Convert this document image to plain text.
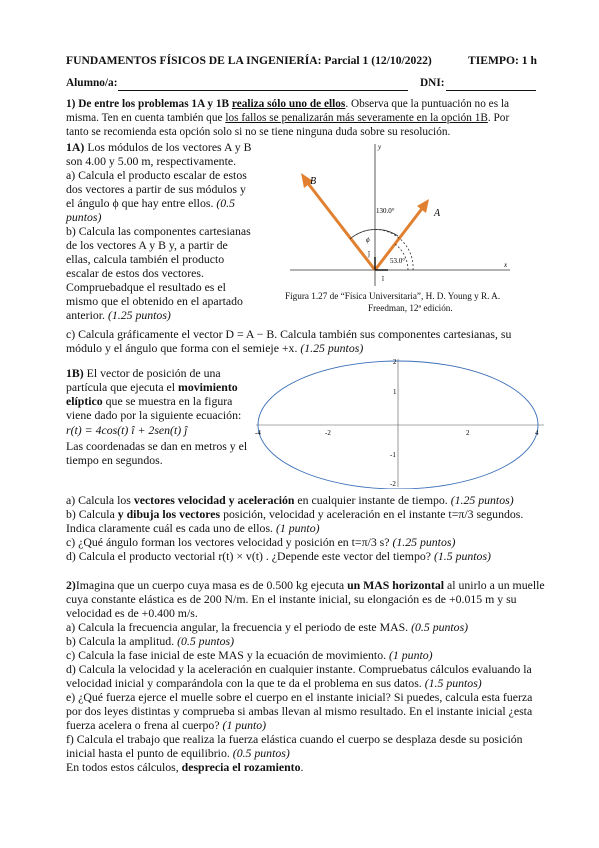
FUNDAMENTOS FÍSICOS DE LA INGENIERÍA: Parcial 1 (12/10/2022)	TIEMPO: 1 h
Alumno/a:	DNI:
1) De entre los problemas 1A y 1B realiza sólo uno de ellos. Observa que la puntuación no es la
misma. Ten en cuenta también que los fallos se penalizarán más severamente en la opción 1B. Por
tanto se recomienda esta opción solo si no se tiene ninguna duda sobre su resolución.
1A) Los módulos de los vectores A y B
son 4.00 y 5.00 m, respectivamente.
a) Calcula el producto escalar de estos
dos vectores a partir de sus módulos y
el ángulo ϕ que hay entre ellos. (0.5
puntos)
b) Calcula las componentes cartesianas
de los vectores A y B y, a partir de
ellas, calcula también el producto
escalar de estos dos vectores.
Compruebadque el resultado es el
mismo que el obtenido en el apartado
anterior. (1.25 puntos)
A
B
130.0°
53.0°
ϕ
x
y
î
ĵ
Figura 1.27 de “Física Universitaria”, H. D. Young y R. A.
Freedman, 12ª edición.
c) Calcula gráficamente el vector D = A − B. Calcula también sus componentes cartesianas, su
módulo y el ángulo que forma con el semieje +x. (1.25 puntos)
1B) El vector de posición de una
partícula que ejecuta el movimiento
elíptico que se muestra en la figura
viene dado por la siguiente ecuación:
r(t) = 4cos(t) î + 2sen(t) ĵ
Las coordenadas se dan en metros y el
tiempo en segundos.
-4	-2	2	4
2
1
-1
-2
a) Calcula los vectores velocidad y aceleración en cualquier instante de tiempo. (1.25 puntos)
b) Calcula y dibuja los vectores posición, velocidad y aceleración en el instante t=π/3 segundos.
Indica claramente cuál es cada uno de ellos. (1 punto)
c) ¿Qué ángulo forman los vectores velocidad y posición en t=π/3 s? (1.25 puntos)
d) Calcula el producto vectorial r(t) × v(t) . ¿Depende este vector del tiempo? (1.5 puntos)
2)Imagina que un cuerpo cuya masa es de 0.500 kg ejecuta un MAS horizontal al unirlo a un muelle
cuya constante elástica es de 200 N/m. En el instante inicial, su elongación es de +0.015 m y su
velocidad es de +0.400 m/s.
a) Calcula la frecuencia angular, la frecuencia y el periodo de este MAS. (0.5 puntos)
b) Calcula la amplitud. (0.5 puntos)
c) Calcula la fase inicial de este MAS y la ecuación de movimiento. (1 punto)
d) Calcula la velocidad y la aceleración en cualquier instante. Compruebatus cálculos evaluando la
velocidad inicial y comparándola con la que te da el problema en sus datos. (1.5 puntos)
e) ¿Qué fuerza ejerce el muelle sobre el cuerpo en el instante inicial? Si puedes, calcula esta fuerza
por dos leyes distintas y comprueba si ambas llevan al mismo resultado. En el instante inicial ¿esta
fuerza acelera o frena al cuerpo? (1 punto)
f) Calcula el trabajo que realiza la fuerza elástica cuando el cuerpo se desplaza desde su posición
inicial hasta el punto de equilibrio. (0.5 puntos)
En todos estos cálculos, desprecia el rozamiento.
